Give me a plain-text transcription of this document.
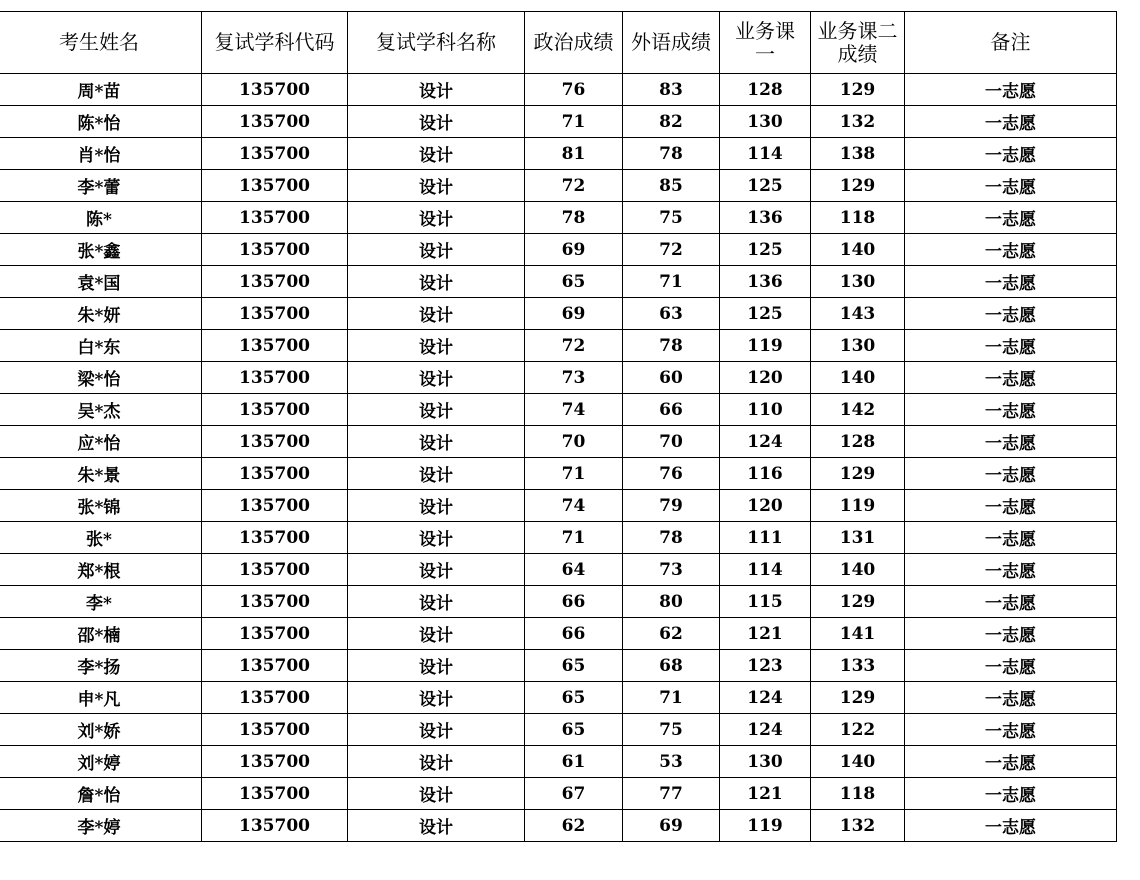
考生姓名	复试学科代码	复试学科名称	政治成绩	外语成绩	业务课一	业务课二成绩	备注
周*苗	135700	设计	76	83	128	129	一志愿
陈*怡	135700	设计	71	82	130	132	一志愿
肖*怡	135700	设计	81	78	114	138	一志愿
李*蕾	135700	设计	72	85	125	129	一志愿
陈*	135700	设计	78	75	136	118	一志愿
张*鑫	135700	设计	69	72	125	140	一志愿
袁*国	135700	设计	65	71	136	130	一志愿
朱*妍	135700	设计	69	63	125	143	一志愿
白*东	135700	设计	72	78	119	130	一志愿
梁*怡	135700	设计	73	60	120	140	一志愿
吴*杰	135700	设计	74	66	110	142	一志愿
应*怡	135700	设计	70	70	124	128	一志愿
朱*景	135700	设计	71	76	116	129	一志愿
张*锦	135700	设计	74	79	120	119	一志愿
张*	135700	设计	71	78	111	131	一志愿
郑*根	135700	设计	64	73	114	140	一志愿
李*	135700	设计	66	80	115	129	一志愿
邵*楠	135700	设计	66	62	121	141	一志愿
李*扬	135700	设计	65	68	123	133	一志愿
申*凡	135700	设计	65	71	124	129	一志愿
刘*娇	135700	设计	65	75	124	122	一志愿
刘*婷	135700	设计	61	53	130	140	一志愿
詹*怡	135700	设计	67	77	121	118	一志愿
李*婷	135700	设计	62	69	119	132	一志愿
